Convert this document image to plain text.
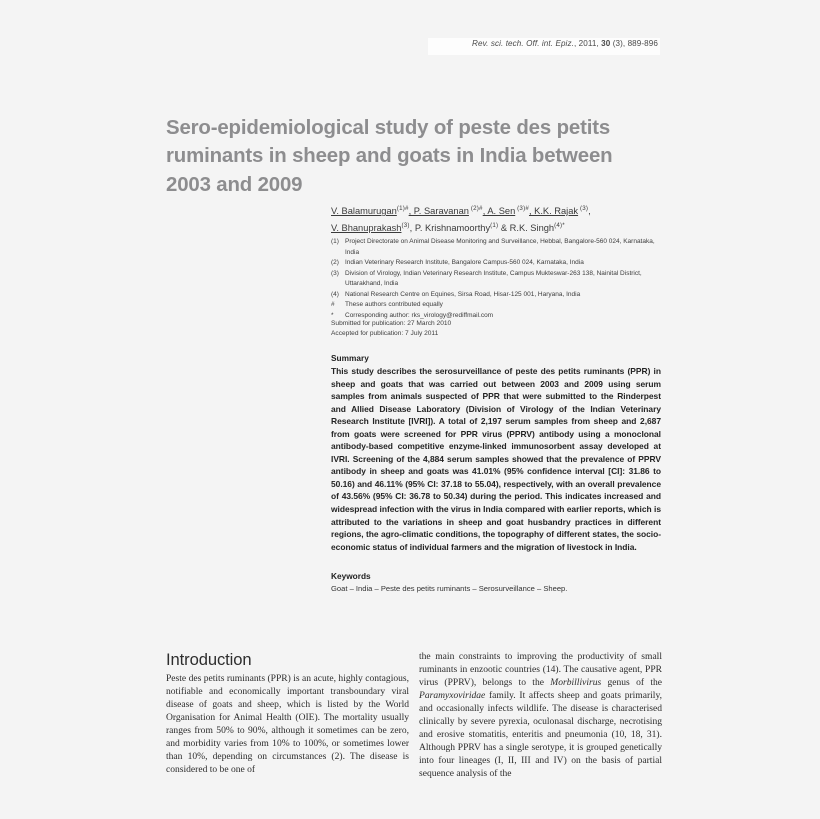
Rev. sci. tech. Off. int. Epiz., 2011, 30 (3), 889-896
Sero-epidemiological study of peste des petits ruminants in sheep and goats in India between 2003 and 2009
V. Balamurugan$^{(1)\#}$, P. Saravanan $^{(2)\#}$, A. Sen $^{(3)\#}$, K.K. Rajak $^{(3)}$,
V. Bhanuprakash$^{(3)}$, P. Krishnamoorthy$^{(1)}$ & R.K. Singh$^{(4)*}$
(1) Project Directorate on Animal Disease Monitoring and Surveillance, Hebbal, Bangalore-560 024, Karnataka, India
(2) Indian Veterinary Research Institute, Bangalore Campus-560 024, Karnataka, India
(3) Division of Virology, Indian Veterinary Research Institute, Campus Mukteswar-263 138, Nainital District, Uttarakhand, India
(4) National Research Centre on Equines, Sirsa Road, Hisar-125 001, Haryana, India
#	These authors contributed equally
*	Corresponding author: rks_virology@rediffmail.com
Submitted for publication: 27 March 2010
Accepted for publication: 7 July 2011
Summary
This study describes the serosurveillance of peste des petits ruminants (PPR) in sheep and goats that was carried out between 2003 and 2009 using serum samples from animals suspected of PPR that were submitted to the Rinderpest and Allied Disease Laboratory (Division of Virology of the Indian Veterinary Research Institute [IVRI]). A total of 2,197 serum samples from sheep and 2,687 from goats were screened for PPR virus (PPRV) antibody using a monoclonal antibody-based competitive enzyme-linked immunosorbent assay developed at IVRI. Screening of the 4,884 serum samples showed that the prevalence of PPRV antibody in sheep and goats was 41.01% (95% confidence interval [CI]: 31.86 to 50.16) and 46.11% (95% CI: 37.18 to 55.04), respectively, with an overall prevalence of 43.56% (95% CI: 36.78 to 50.34) during the period. This indicates increased and widespread infection with the virus in India compared with earlier reports, which is attributed to the variations in sheep and goat husbandry practices in different regions, the agro-climatic conditions, the topography of different states, the socio-economic status of individual farmers and the migration of livestock in India.
Keywords
Goat – India – Peste des petits ruminants – Serosurveillance – Sheep.
Introduction
Peste des petits ruminants (PPR) is an acute, highly contagious, notifiable and economically important transboundary viral disease of goats and sheep, which is listed by the World Organisation for Animal Health (OIE). The mortality usually ranges from 50% to 90%, although it sometimes can be zero, and morbidity varies from 10% to 100%, or sometimes lower than 10%, depending on circumstances (2). The disease is considered to be one of
the main constraints to improving the productivity of small ruminants in enzootic countries (14). The causative agent, PPR virus (PPRV), belongs to the Morbillivirus genus of the Paramyxoviridae family. It affects sheep and goats primarily, and occasionally infects wildlife. The disease is characterised clinically by severe pyrexia, oculonasal discharge, necrotising and erosive stomatitis, enteritis and pneumonia (10, 18, 31). Although PPRV has a single serotype, it is grouped genetically into four lineages (I, II, III and IV) on the basis of partial sequence analysis of the
